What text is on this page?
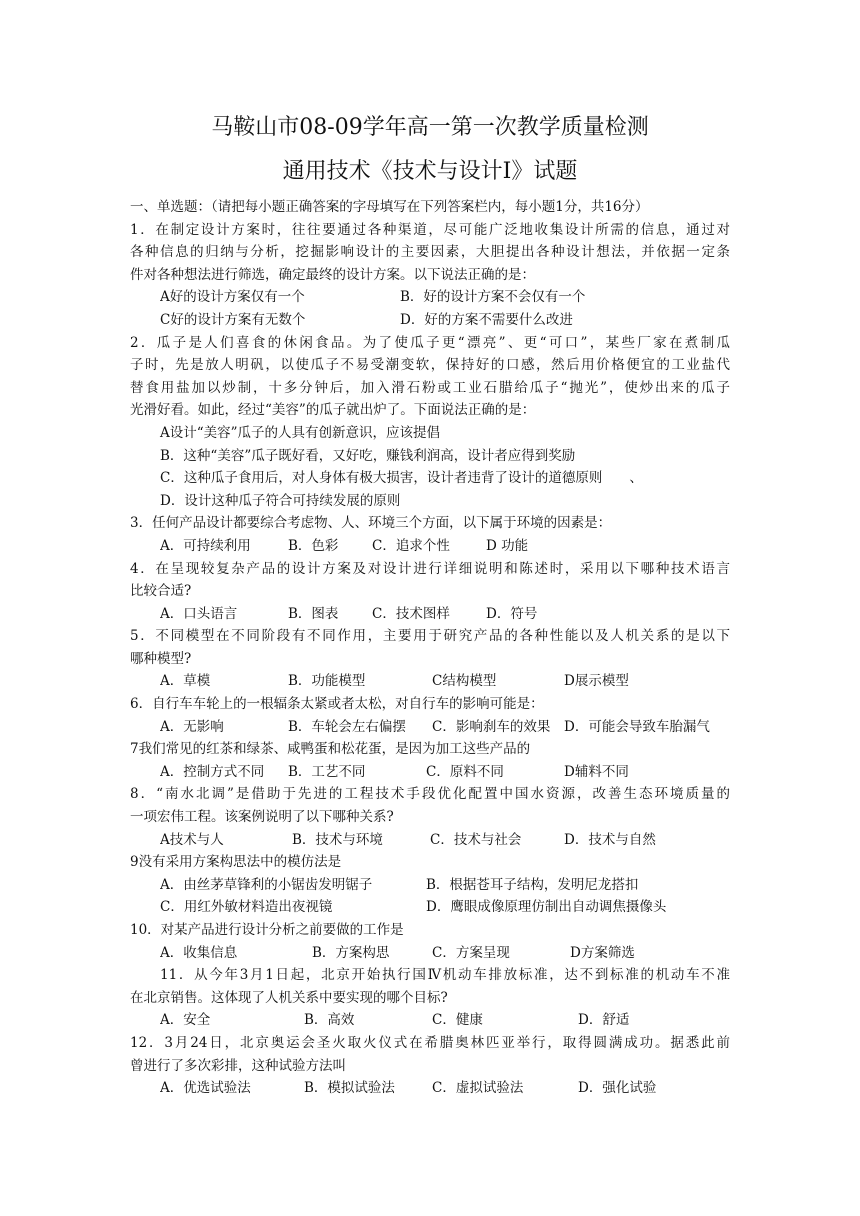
马鞍山市08-09学年高一第一次教学质量检测
通用技术《技术与设计I》试题
一、单选题：（请把每小题正确答案的字母填写在下列答案栏内，每小题1分，共16分）
1．在制定设计方案时，往往要通过各种渠道，尽可能广泛地收集设计所需的信息，通过对
各种信息的归纳与分析，挖掘影响设计的主要因素，大胆提出各种设计想法，并依据一定条
件对各种想法进行筛选，确定最终的设计方案。以下说法正确的是：
A好的设计方案仅有一个	B．好的设计方案不会仅有一个
C好的设计方案有无数个	D．好的方案不需要什么改进
2．瓜子是人们喜食的休闲食品。为了使瓜子更“漂亮”、更“可口”，某些厂家在煮制瓜
子时，先是放人明矾，以使瓜子不易受潮变软，保持好的口感，然后用价格便宜的工业盐代
替食用盐加以炒制，十多分钟后，加入滑石粉或工业石腊给瓜子“抛光”，使炒出来的瓜子
光滑好看。如此，经过“美容”的瓜子就出炉了。下面说法正确的是：
A设计“美容”瓜子的人具有创新意识，应该提倡
B．这种“美容”瓜子既好看，又好吃，赚钱利润高，设计者应得到奖励
C．这种瓜子食用后，对人身体有极大损害，设计者违背了设计的道德原则　　、
D．设计这种瓜子符合可持续发展的原则
3．任何产品设计都要综合考虑物、人、环境三个方面，以下属于环境的因素是：
A．可持续利用	B．色彩	C．追求个性	D 功能
4．在呈现较复杂产品的设计方案及对设计进行详细说明和陈述时，采用以下哪种技术语言
比较合适?
A．口头语言	B．图表	C．技术图样	D．符号
5．不同模型在不同阶段有不同作用，主要用于研究产品的各种性能以及人机关系的是以下
哪种模型?
A．草模	B．功能模型	C结构模型	D展示模型
6．自行车车轮上的一根辐条太紧或者太松，对自行车的影响可能是：
A．无影响	B．车轮会左右偏摆	C．影响刹车的效果	D．可能会导致车胎漏气
7我们常见的红茶和绿茶、咸鸭蛋和松花蛋，是因为加工这些产品的
A．控制方式不同	B．工艺不同	C．原料不同	D辅料不同
8．“南水北调”是借助于先进的工程技术手段优化配置中国水资源，改善生态环境质量的
一项宏伟工程。该案例说明了以下哪种关系?
A技术与人	B．技术与环境	C．技术与社会	D．技术与自然
9没有采用方案构思法中的模仿法是
A．由丝茅草锋利的小锯齿发明锯子	B．根据苍耳子结构，发明尼龙搭扣
C．用红外敏材料造出夜视镜	D．鹰眼成像原理仿制出自动调焦摄像头
10．对某产品进行设计分析之前要做的工作是
A．收集信息	B．方案构思	C．方案呈现	D方案筛选
11．从今年3月1日起，北京开始执行国Ⅳ机动车排放标准，达不到标准的机动车不准
在北京销售。这体现了人机关系中要实现的哪个目标?
A．安全	B．高效	C．健康	D．舒适
12．3月24日，北京奥运会圣火取火仪式在希腊奥林匹亚举行，取得圆满成功。据悉此前
曾进行了多次彩排，这种试验方法叫
A．优选试验法	B．模拟试验法	C．虚拟试验法	D．强化试验
